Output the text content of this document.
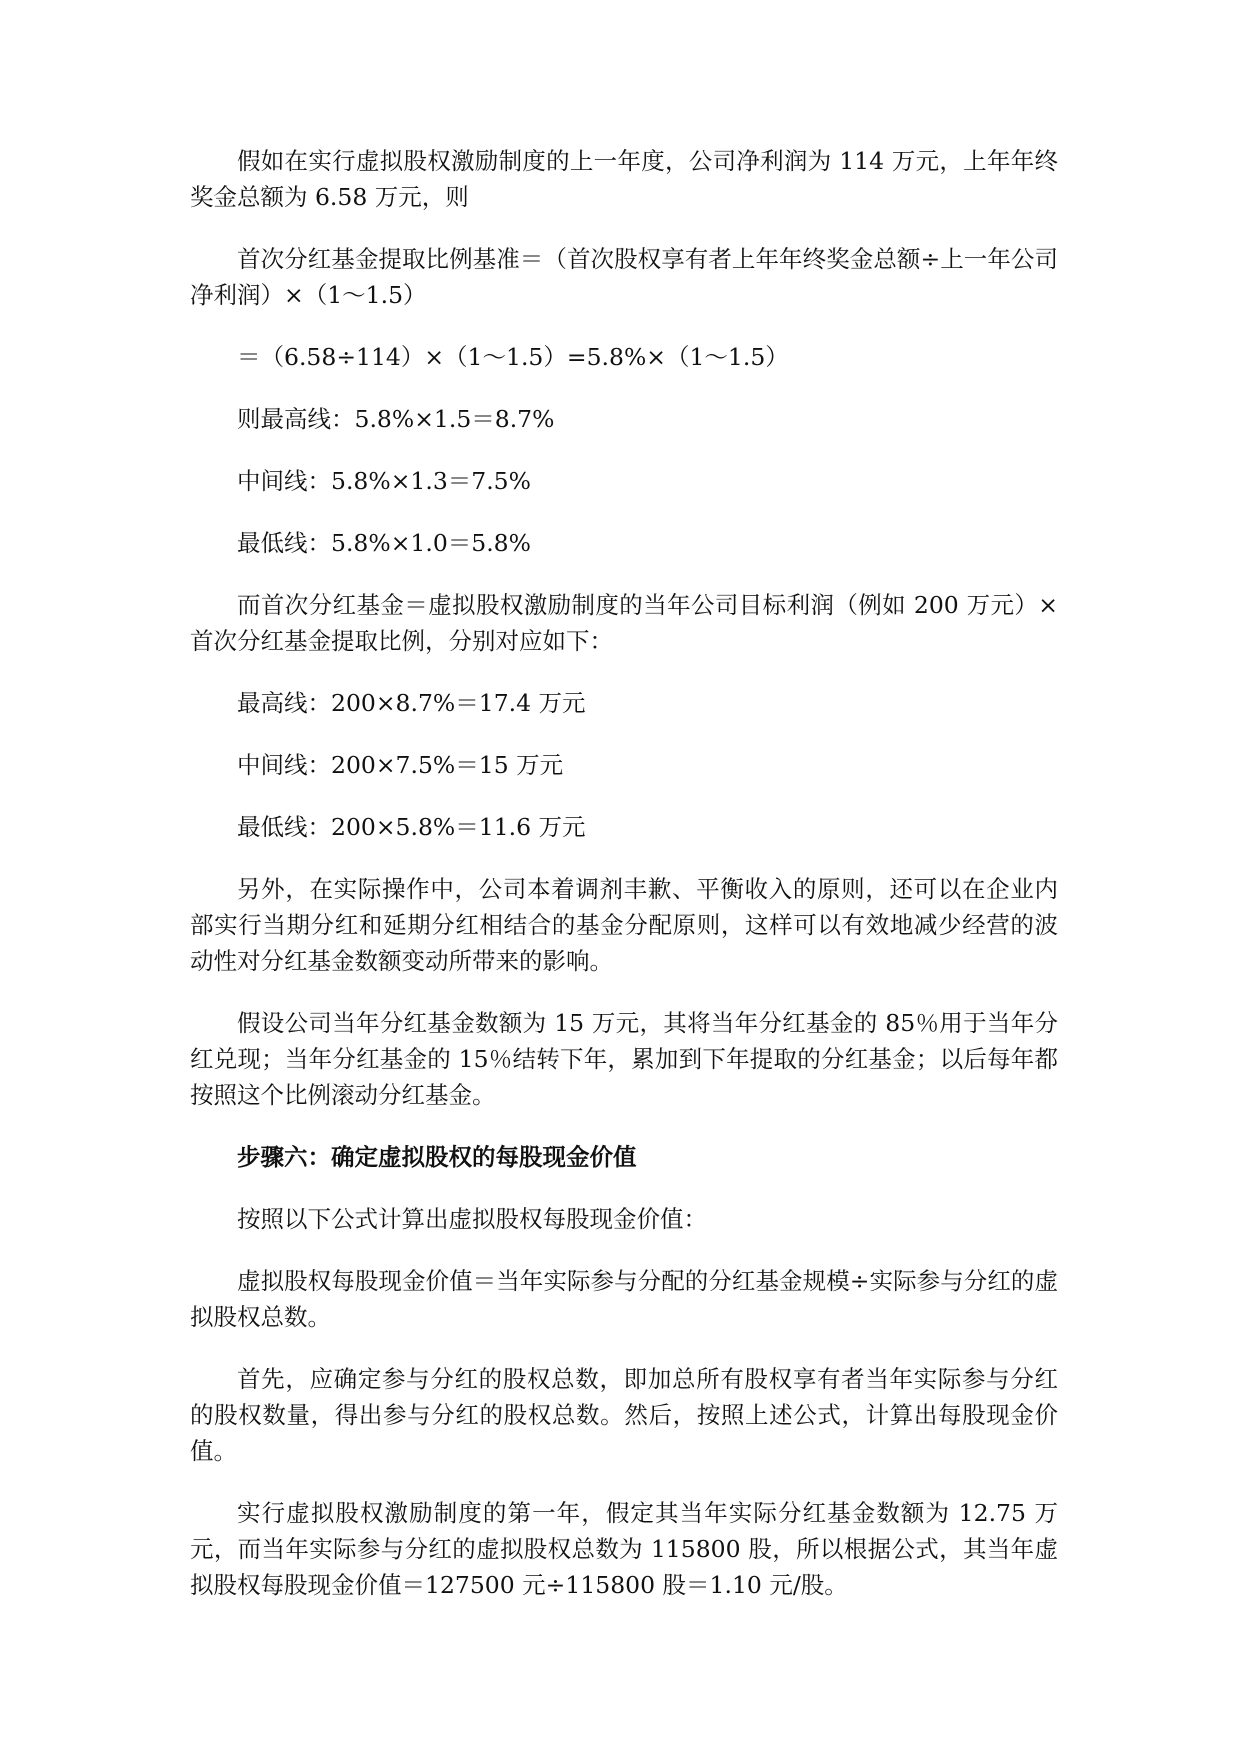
假如在实行虚拟股权激励制度的上一年度，公司净利润为 114 万元，上年年终奖金总额为 6.58 万元，则

首次分红基金提取比例基准＝（首次股权享有者上年年终奖金总额÷上一年公司净利润）×（1～1.5）

＝（6.58÷114）×（1～1.5）=5.8%×（1～1.5）

则最高线：5.8%×1.5＝8.7%

中间线：5.8%×1.3＝7.5%

最低线：5.8%×1.0＝5.8%

而首次分红基金＝虚拟股权激励制度的当年公司目标利润（例如 200 万元）×首次分红基金提取比例，分别对应如下：

最高线：200×8.7%＝17.4 万元

中间线：200×7.5%＝15 万元

最低线：200×5.8%＝11.6 万元

另外，在实际操作中，公司本着调剂丰歉、平衡收入的原则，还可以在企业内部实行当期分红和延期分红相结合的基金分配原则，这样可以有效地减少经营的波动性对分红基金数额变动所带来的影响。

假设公司当年分红基金数额为 15 万元，其将当年分红基金的 85％用于当年分红兑现；当年分红基金的 15％结转下年，累加到下年提取的分红基金；以后每年都按照这个比例滚动分红基金。

步骤六：确定虚拟股权的每股现金价值

按照以下公式计算出虚拟股权每股现金价值：

虚拟股权每股现金价值＝当年实际参与分配的分红基金规模÷实际参与分红的虚拟股权总数。

首先，应确定参与分红的股权总数，即加总所有股权享有者当年实际参与分红的股权数量，得出参与分红的股权总数。然后，按照上述公式，计算出每股现金价值。

实行虚拟股权激励制度的第一年，假定其当年实际分红基金数额为 12.75 万元，而当年实际参与分红的虚拟股权总数为 115800 股，所以根据公式，其当年虚拟股权每股现金价值＝127500 元÷115800 股＝1.10 元/股。
